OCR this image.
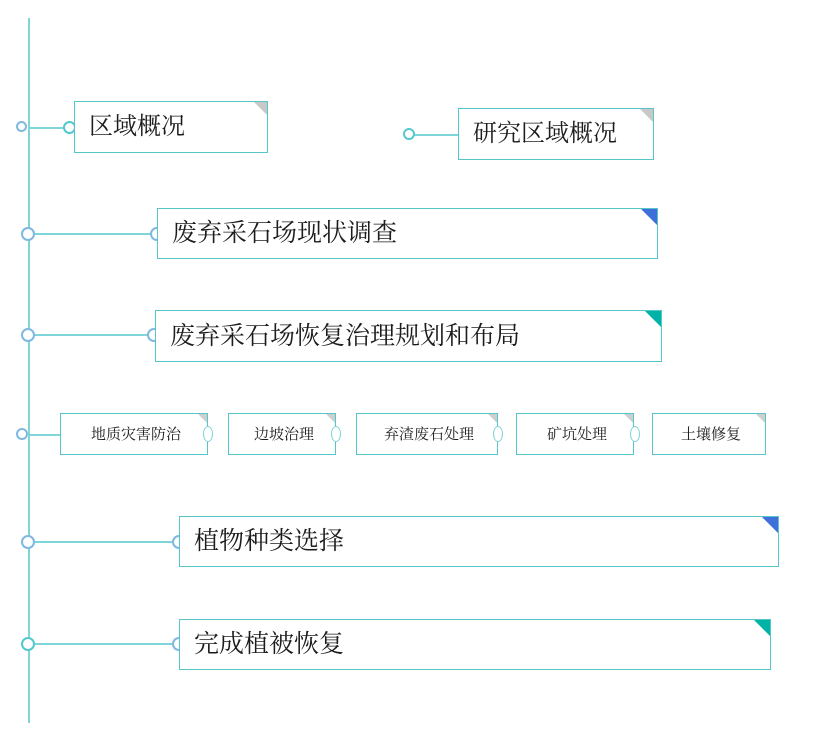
区域概况	研究区域概况
废弃采石场现状调查
废弃采石场恢复治理规划和布局
地质灾害防治	边坡治理	弃渣废石处理	矿坑处理	土壤修复
植物种类选择
完成植被恢复
